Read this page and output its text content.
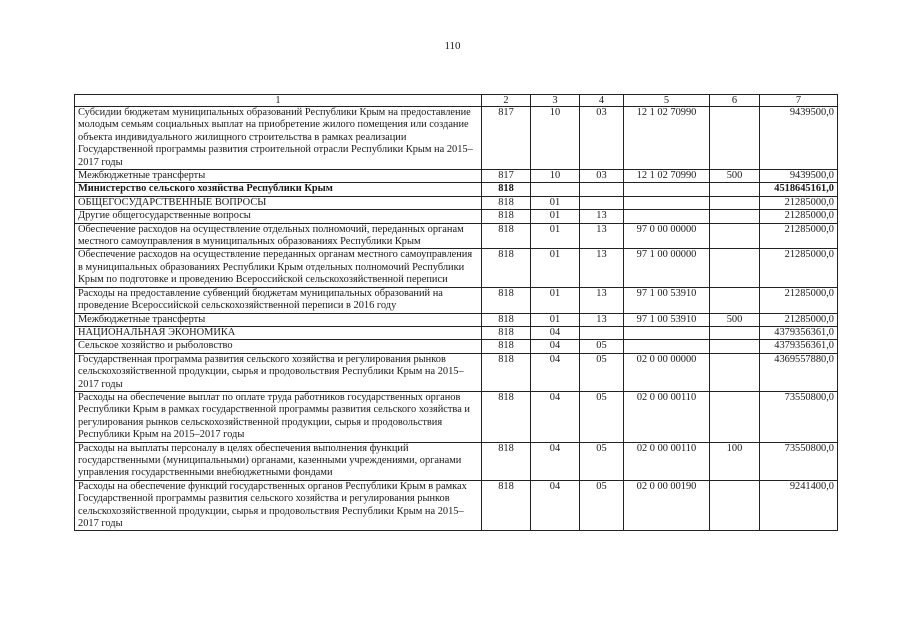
110
1	2	3	4	5	6	7
Субсидии бюджетам муниципальных образований Республики Крым на предоставление молодым семьям социальных выплат на приобретение жилого помещения или создание объекта индивидуального жилищного строительства в рамках реализации Государственной программы развития строительной отрасли Республики Крым на 2015–2017 годы	817	10	03	12 1 02 70990		9439500,0
Межбюджетные трансферты	817	10	03	12 1 02 70990	500	9439500,0
Министерство сельского хозяйства Республики Крым	818					4518645161,0
ОБЩЕГОСУДАРСТВЕННЫЕ ВОПРОСЫ	818	01				21285000,0
Другие общегосударственные вопросы	818	01	13			21285000,0
Обеспечение расходов на осуществление отдельных полномочий, переданных органам местного самоуправления в муниципальных образованиях Республики Крым	818	01	13	97 0 00 00000		21285000,0
Обеспечение расходов на осуществление переданных органам местного самоуправления в муниципальных образованиях Республики Крым отдельных полномочий Республики Крым по подготовке и проведению Всероссийской сельскохозяйственной переписи	818	01	13	97 1 00 00000		21285000,0
Расходы на предоставление субвенций бюджетам муниципальных образований на проведение Всероссийской сельскохозяйственной переписи в 2016 году	818	01	13	97 1 00 53910		21285000,0
Межбюджетные трансферты	818	01	13	97 1 00 53910	500	21285000,0
НАЦИОНАЛЬНАЯ ЭКОНОМИКА	818	04				4379356361,0
Сельское хозяйство и рыболовство	818	04	05			4379356361,0
Государственная программа развития сельского хозяйства и регулирования рынков сельскохозяйственной продукции, сырья и продовольствия Республики Крым на 2015–2017 годы	818	04	05	02 0 00 00000		4369557880,0
Расходы на обеспечение выплат по оплате труда работников государственных органов Республики Крым в рамках государственной программы развития сельского хозяйства и регулирования рынков сельскохозяйственной продукции, сырья и продовольствия Республики Крым на 2015–2017 годы	818	04	05	02 0 00 00110		73550800,0
Расходы на выплаты персоналу в целях обеспечения выполнения функций государственными (муниципальными) органами, казенными учреждениями, органами управления государственными внебюджетными фондами	818	04	05	02 0 00 00110	100	73550800,0
Расходы на обеспечение функций государственных органов Республики Крым в рамках Государственной программы развития сельского хозяйства и регулирования рынков сельскохозяйственной продукции, сырья и продовольствия Республики Крым на 2015–2017 годы	818	04	05	02 0 00 00190		9241400,0
